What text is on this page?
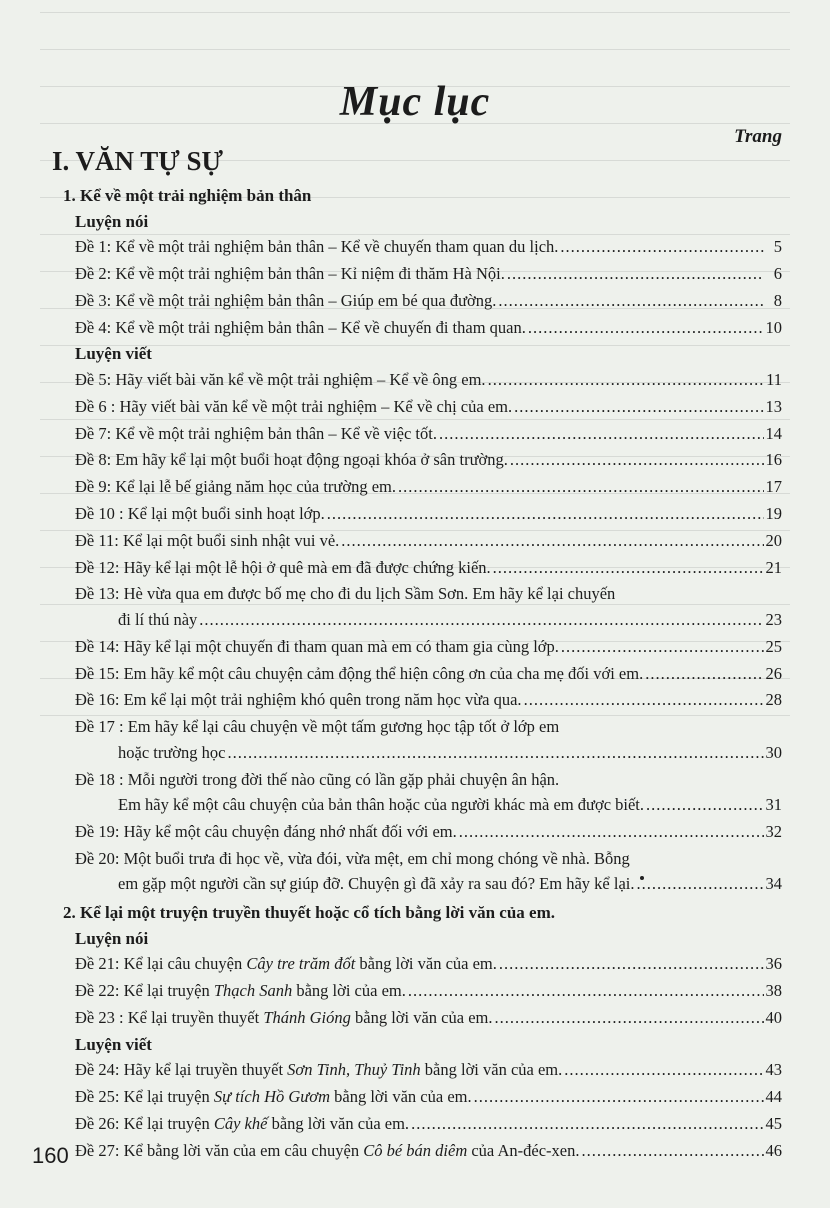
Mục lục
Trang
I. VĂN TỰ SỰ
1. Kể về một trải nghiệm bản thân
Luyện nói
Đề 1: Kể về một trải nghiệm bản thân – Kể về chuyến tham quan du lịch. .....	5
Đề 2: Kể về một trải nghiệm bản thân – Kỉ niệm đi thăm Hà Nội. .....	6
Đề 3: Kể về một trải nghiệm bản thân – Giúp em bé qua đường. .....	8
Đề 4: Kể về một trải nghiệm bản thân – Kể về chuyến đi tham quan. .....	10
Luyện viết
Đề 5: Hãy viết bài văn kể về một trải nghiệm – Kể về ông em. .....	11
Đề 6 : Hãy viết bài văn kể về một trải nghiệm – Kể về chị của em. .....	13
Đề 7: Kể về một trải nghiệm bản thân – Kể về việc tốt. .....	14
Đề 8: Em hãy kể lại một buổi hoạt động ngoại khóa ở sân trường. .....	16
Đề 9: Kể lại lễ bế giảng năm học của trường em. .....	17
Đề 10 : Kể lại một buổi sinh hoạt lớp. .....	19
Đề 11: Kể lại một buổi sinh nhật vui vẻ. .....	20
Đề 12: Hãy kể lại một lễ hội ở quê mà em đã được chứng kiến. .....	21
Đề 13: Hè vừa qua em được bố mẹ cho đi du lịch Sầm Sơn. Em hãy kể lại chuyến
đi lí thú này .....	23
Đề 14: Hãy kể lại một chuyến đi tham quan mà em có tham gia cùng lớp. .....	25
Đề 15: Em hãy kể một câu chuyện cảm động thể hiện công ơn của cha mẹ đối với em. .....	26
Đề 16: Em kể lại một trải nghiệm khó quên trong năm học vừa qua. .....	28
Đề 17 : Em hãy kể lại câu chuyện về một tấm gương học tập tốt ở lớp em
hoặc trường học .....	30
Đề 18 : Mỗi người trong đời thế nào cũng có lần gặp phải chuyện ân hận.
Em hãy kể một câu chuyện của bản thân hoặc của người khác mà em được biết. .....	31
Đề 19: Hãy kể một câu chuyện đáng nhớ nhất đối với em. .....	32
Đề 20: Một buổi trưa đi học về, vừa đói, vừa mệt, em chỉ mong chóng về nhà. Bỗng
em gặp một người cần sự giúp đỡ. Chuyện gì đã xảy ra sau đó? Em hãy kể lại. .....	34
2. Kể lại một truyện truyền thuyết hoặc cổ tích bằng lời văn của em.
Luyện nói
Đề 21: Kể lại câu chuyện Cây tre trăm đốt bằng lời văn của em. .....	36
Đề 22: Kể lại truyện Thạch Sanh bằng lời của em. .....	38
Đề 23 : Kể lại truyền thuyết Thánh Gióng bằng lời văn của em. .....	40
Luyện viết
Đề 24: Hãy kể lại truyền thuyết Sơn Tinh, Thuỷ Tinh bằng lời văn của em. .....	43
Đề 25: Kể lại truyện Sự tích Hồ Gươm bằng lời văn của em. .....	44
Đề 26: Kể lại truyện Cây khế bằng lời văn của em. .....	45
Đề 27: Kể bằng lời văn của em câu chuyện Cô bé bán diêm của An-đéc-xen. .....	46
160
